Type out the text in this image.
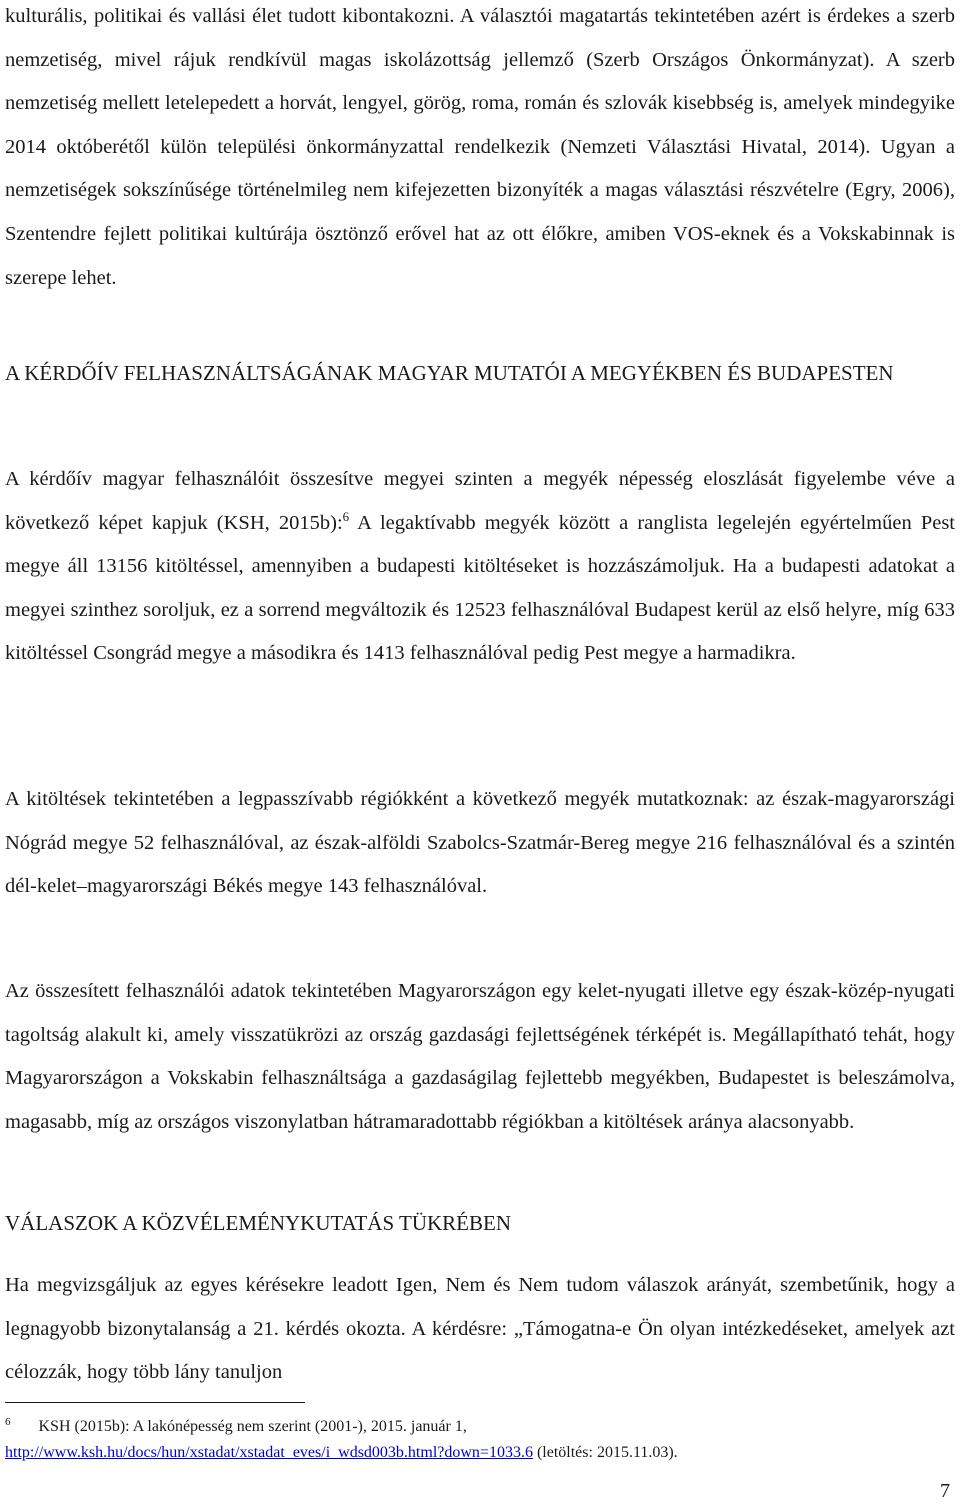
kulturális, politikai és vallási élet tudott kibontakozni. A választói magatartás tekintetében azért is érdekes a szerb nemzetiség, mivel rájuk rendkívül magas iskolázottság jellemző (Szerb Országos Önkormányzat). A szerb nemzetiség mellett letelepedett a horvát, lengyel, görög, roma, román és szlovák kisebbség is, amelyek mindegyike 2014 októberétől külön települési önkormányzattal rendelkezik (Nemzeti Választási Hivatal, 2014). Ugyan a nemzetiségek sokszínűsége történelmileg nem kifejezetten bizonyíték a magas választási részvételre (Egry, 2006), Szentendre fejlett politikai kultúrája ösztönző erővel hat az ott élőkre, amiben VOS-eknek és a Vokskabinnak is szerepe lehet.

A KÉRDŐÍV FELHASZNÁLTSÁGÁNAK MAGYAR MUTATÓI A MEGYÉKBEN ÉS BUDAPESTEN

A kérdőív magyar felhasználóit összesítve megyei szinten a megyék népesség eloszlását figyelembe véve a következő képet kapjuk (KSH, 2015b):$^6$ A legaktívabb megyék között a ranglista legelején egyértelműen Pest megye áll 13156 kitöltéssel, amennyiben a budapesti kitöltéseket is hozzászámoljuk. Ha a budapesti adatokat a megyei szinthez soroljuk, ez a sorrend megváltozik és 12523 felhasználóval Budapest kerül az első helyre, míg 633 kitöltéssel Csongrád megye a másodikra és 1413 felhasználóval pedig Pest megye a harmadikra.

A kitöltések tekintetében a legpasszívabb régiókként a következő megyék mutatkoznak: az észak-magyarországi Nógrád megye 52 felhasználóval, az észak-alföldi Szabolcs-Szatmár-Bereg megye 216 felhasználóval és a szintén dél-kelet–magyarországi Békés megye 143 felhasználóval.

Az összesített felhasználói adatok tekintetében Magyarországon egy kelet-nyugati illetve egy észak-közép-nyugati tagoltság alakult ki, amely visszatükrözi az ország gazdasági fejlettségének térképét is. Megállapítható tehát, hogy Magyarországon a Vokskabin felhasználtsága a gazdaságilag fejlettebb megyékben, Budapestet is beleszámolva, magasabb, míg az országos viszonylatban hátramaradottabb régiókban a kitöltések aránya alacsonyabb.

VÁLASZOK A KÖZVÉLEMÉNYKUTATÁS TÜKRÉBEN

Ha megvizsgáljuk az egyes kérésekre leadott Igen, Nem és Nem tudom válaszok arányát, szembetűnik, hogy a legnagyobb bizonytalanság a 21. kérdés okozta. A kérdésre: „Támogatna-e Ön olyan intézkedéseket, amelyek azt célozzák, hogy több lány tanuljon

$^6$ KSH (2015b): A lakónépesség nem szerint (2001-), 2015. január 1,
http://www.ksh.hu/docs/hun/xstadat/xstadat_eves/i_wdsd003b.html?down=1033.6 (letöltés: 2015.11.03).
7
